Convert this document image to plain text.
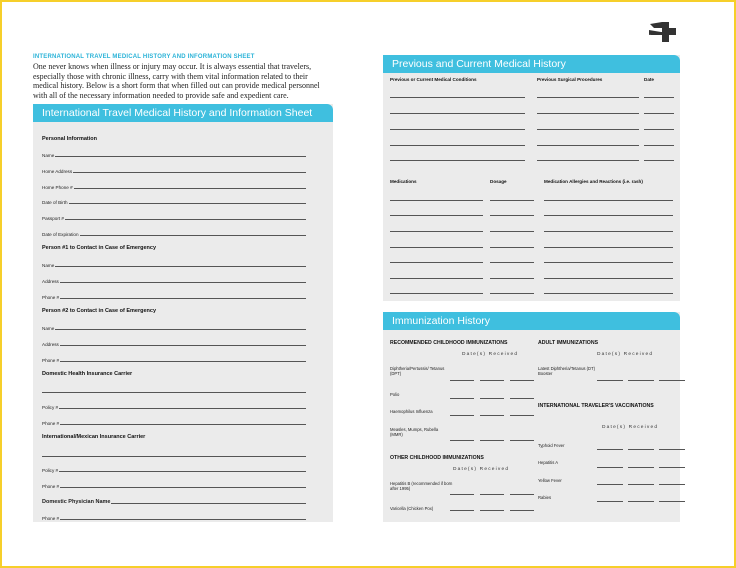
INTERNATIONAL TRAVEL MEDICAL HISTORY AND INFORMATION SHEET
One never knows when illness or injury may occur. It is always essential that travelers, especially those with chronic illness, carry with them vital information related to their medical history. Below is a short form that when filled out can provide medical personnel with all of the necessary information needed to provide safe and expedient care.
International Travel Medical History and Information Sheet
Personal Information
Name
Home Address
Home Phone #
Date of Birth
Passport #
Date of Expiration
Person #1 to Contact in Case of Emergency
Name
Address
Phone #
Person #2 to Contact in Case of Emergency
Name
Address
Phone #
Domestic Health Insurance Carrier
Policy #
Phone #
International/Mexican Insurance Carrier
Policy #
Phone #
Domestic Physician Name
Phone #
Previous and Current Medical History
Previous or Current Medical Conditions	Previous Surgical Procedures	Date
Medications	Dosage	Medication Allergies and Reactions (i.e. rash)
Immunization History
RECOMMENDED CHILDHOOD IMMUNIZATIONS
Date(s) Received
Diphtheria/Pertussis/ Tetanus (DPT)
Polio
Haemophilus Influenza
Measles, Mumps, Rubella (MMR)
OTHER CHILDHOOD IMMUNIZATIONS
Date(s) Received
Hepatitis B (recommended if born after 1995)
Varicella (Chicken Pox)
ADULT IMMUNIZATIONS
Date(s) Received
Latest Diphtheria/Tetanus (DT) Booster
INTERNATIONAL TRAVELER'S VACCINATIONS
Date(s) Received
Typhoid Fever
Hepatitis A
Yellow Fever
Rabies
